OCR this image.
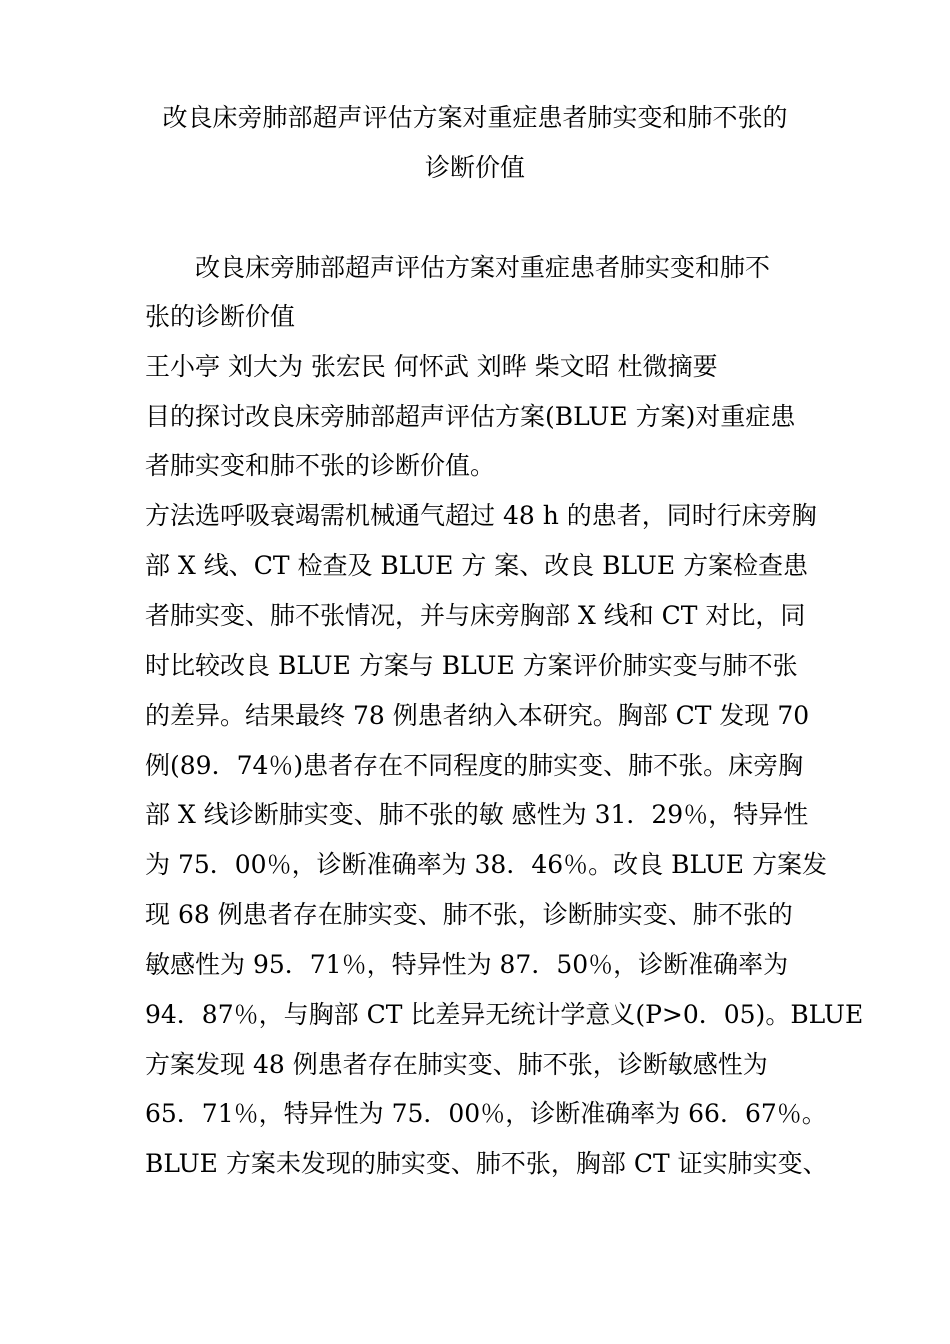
改良床旁肺部超声评估方案对重症患者肺实变和肺不张的
诊断价值
改良床旁肺部超声评估方案对重症患者肺实变和肺不
张的诊断价值
王小亭 刘大为 张宏民 何怀武 刘晔 柴文昭 杜微摘要
目的探讨改良床旁肺部超声评估方案(BLUE 方案)对重症患
者肺实变和肺不张的诊断价值。
方法选呼吸衰竭需机械通气超过 48 h 的患者，同时行床旁胸
部 X 线、CT 检查及 BLUE 方 案、改良 BLUE 方案检查患
者肺实变、肺不张情况，并与床旁胸部 X 线和 CT 对比，同
时比较改良 BLUE 方案与 BLUE 方案评价肺实变与肺不张
的差异。结果最终 78 例患者纳入本研究。胸部 CT 发现 70
例(89．74％)患者存在不同程度的肺实变、肺不张。床旁胸
部 X 线诊断肺实变、肺不张的敏 感性为 31．29％，特异性
为 75．00％，诊断准确率为 38．46％。改良 BLUE 方案发
现 68 例患者存在肺实变、肺不张，诊断肺实变、肺不张的
敏感性为 95．71％，特异性为 87．50％，诊断准确率为
94．87％，与胸部 CT 比差异无统计学意义(P>0．05)。BLUE
方案发现 48 例患者存在肺实变、肺不张，诊断敏感性为
65．71％，特异性为 75．00％，诊断准确率为 66．67％。
BLUE 方案未发现的肺实变、肺不张，胸部 CT 证实肺实变、
